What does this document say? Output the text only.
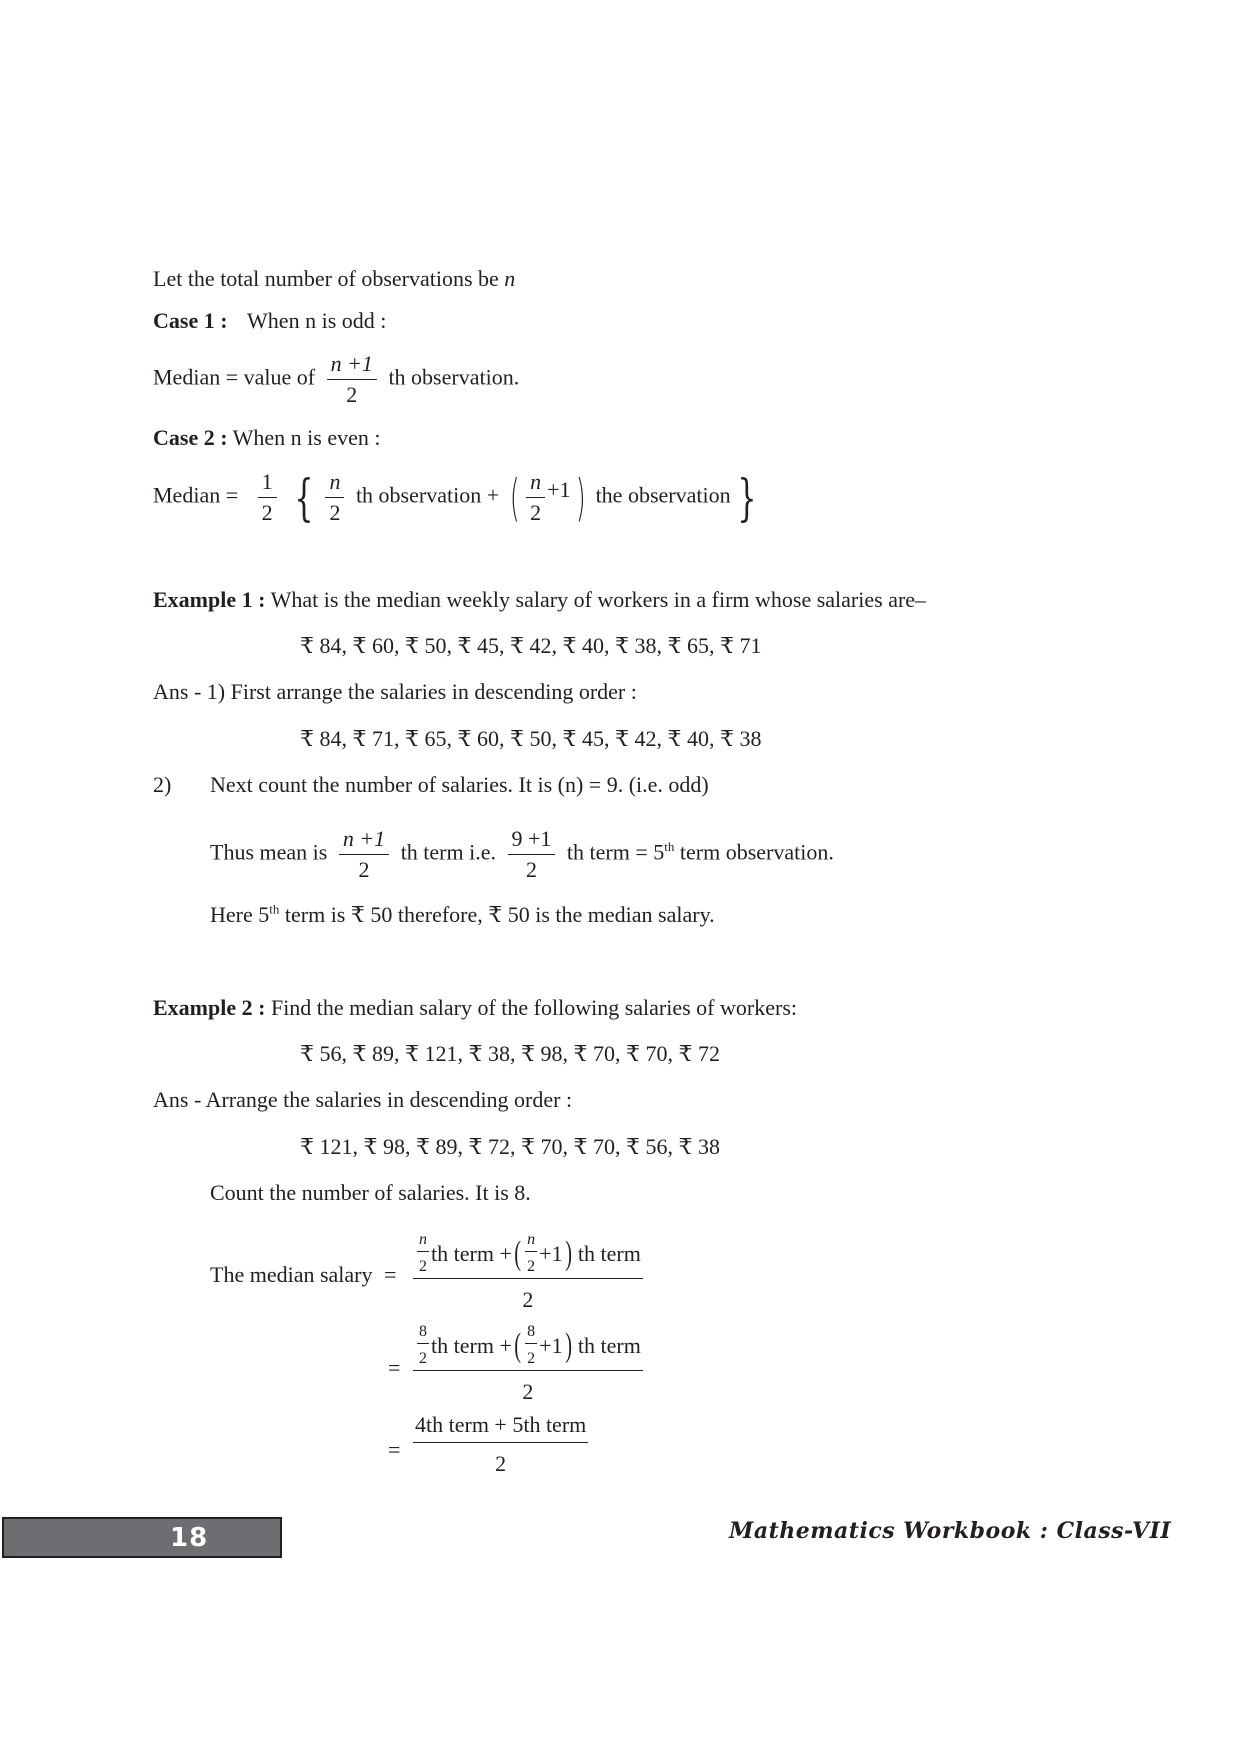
Let the total number of observations be n
Case 1 : When n is odd :
Median = value of $\frac{n +1}{2}$ th observation.
Case 2 : When n is even :
Median = $\frac{1}{2}$ { $\frac{n}{2}$ th observation + ( $\frac{n}{2} +1$) the observation }
Example 1 : What is the median weekly salary of workers in a firm whose salaries are–
₹ 84, ₹ 60, ₹ 50, ₹ 45, ₹ 42, ₹ 40, ₹ 38, ₹ 65, ₹ 71
Ans - 1) First arrange the salaries in descending order :
₹ 84, ₹ 71, ₹ 65, ₹ 60, ₹ 50, ₹ 45, ₹ 42, ₹ 40, ₹ 38
2) Next count the number of salaries. It is (n) = 9. (i.e. odd)
Thus mean is $\frac{n +1}{2}$ th term i.e. $\frac{9 +1}{2}$ th term = 5th term observation.
Here 5th term is ₹ 50 therefore, ₹ 50 is the median salary.
Example 2 : Find the median salary of the following salaries of workers:
₹ 56, ₹ 89, ₹ 121, ₹ 38, ₹ 98, ₹ 70, ₹ 70, ₹ 72
Ans - Arrange the salaries in descending order :
₹ 121, ₹ 98, ₹ 89, ₹ 72, ₹ 70, ₹ 70, ₹ 56, ₹ 38
Count the number of salaries. It is 8.
The median salary =
$\frac{n}{2}$ th term + ( $\frac{n}{2} +1$ ) th term
2
=
$\frac{8}{2}$ th term + ( $\frac{8}{2} +1$ ) th term
2
= $\frac{\text{4th term + 5th term}}{2}$
18	Mathematics Workbook : Class-VII
